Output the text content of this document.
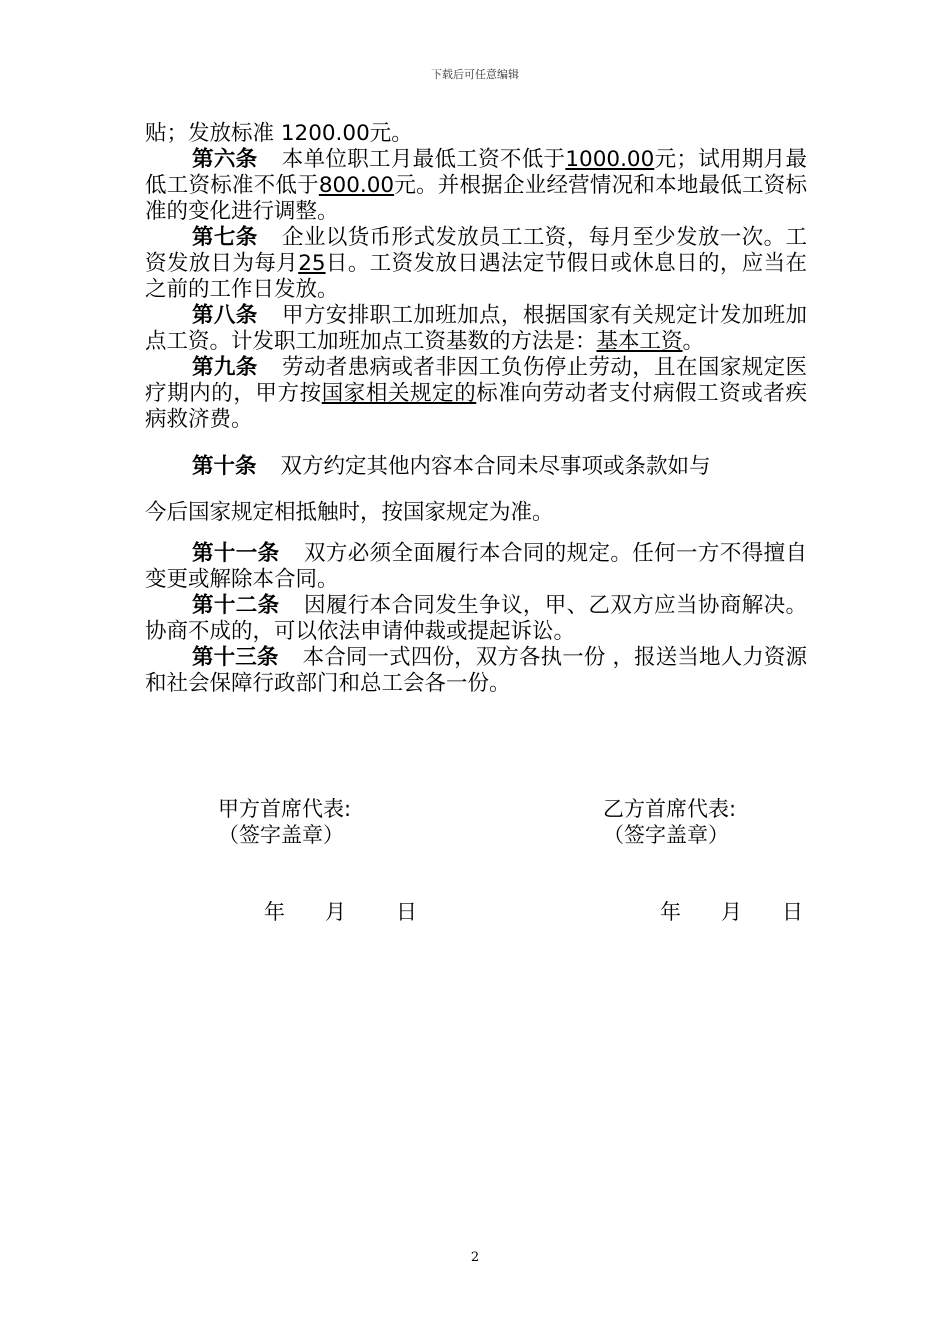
下载后可任意编辑

贴；发放标准 1200.00元。

第六条 本单位职工月最低工资不低于1000.00元；试用期月最低工资标准不低于800.00元。并根据企业经营情况和本地最低工资标准的变化进行调整。

第七条 企业以货币形式发放员工工资，每月至少发放一次。工资发放日为每月25日。工资发放日遇法定节假日或休息日的，应当在之前的工作日发放。

第八条 甲方安排职工加班加点，根据国家有关规定计发加班加点工资。计发职工加班加点工资基数的方法是：基本工资。

第九条 劳动者患病或者非因工负伤停止劳动，且在国家规定医疗期内的，甲方按国家相关规定的标准向劳动者支付病假工资或者疾病救济费。

第十条 双方约定其他内容本合同未尽事项或条款如与

今后国家规定相抵触时，按国家规定为准。

第十一条 双方必须全面履行本合同的规定。任何一方不得擅自变更或解除本合同。

第十二条 因履行本合同发生争议，甲、乙双方应当协商解决。协商不成的，可以依法申请仲裁或提起诉讼。

第十三条 本合同一式四份，双方各执一份 ，报送当地人力资源和社会保障行政部门和总工会各一份。

甲方首席代表:
（签字盖章）
乙方首席代表:
（签字盖章）
年 月 日	年 月 日
2
